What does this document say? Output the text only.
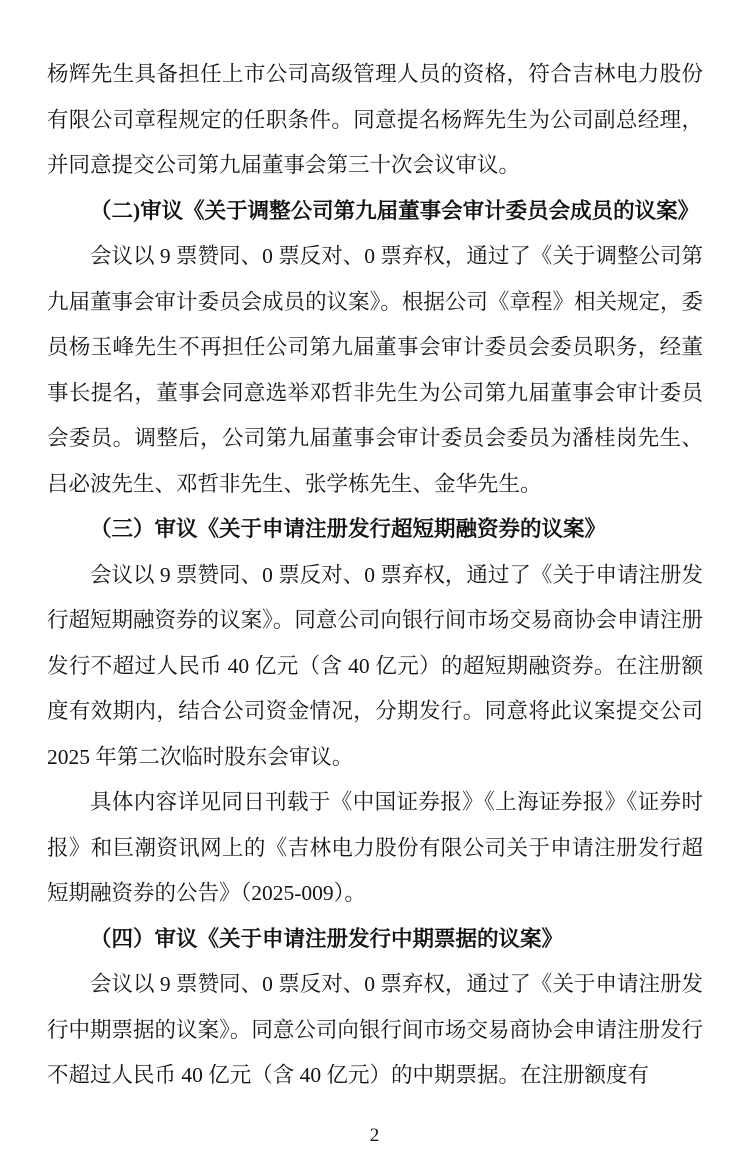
杨辉先生具备担任上市公司高级管理人员的资格，符合吉林电力股份有限公司章程规定的任职条件。同意提名杨辉先生为公司副总经理，并同意提交公司第九届董事会第三十次会议审议。

（二)审议《关于调整公司第九届董事会审计委员会成员的议案》

会议以 9 票赞同、0 票反对、0 票弃权，通过了《关于调整公司第九届董事会审计委员会成员的议案》。根据公司《章程》相关规定，委员杨玉峰先生不再担任公司第九届董事会审计委员会委员职务，经董事长提名，董事会同意选举邓哲非先生为公司第九届董事会审计委员会委员。调整后，公司第九届董事会审计委员会委员为潘桂岗先生、吕必波先生、邓哲非先生、张学栋先生、金华先生。

（三）审议《关于申请注册发行超短期融资券的议案》

会议以 9 票赞同、0 票反对、0 票弃权，通过了《关于申请注册发行超短期融资券的议案》。同意公司向银行间市场交易商协会申请注册发行不超过人民币 40 亿元（含 40 亿元）的超短期融资券。在注册额度有效期内，结合公司资金情况，分期发行。同意将此议案提交公司 2025 年第二次临时股东会审议。

具体内容详见同日刊载于《中国证券报》《上海证券报》《证券时报》和巨潮资讯网上的《吉林电力股份有限公司关于申请注册发行超短期融资券的公告》（2025-009）。

（四）审议《关于申请注册发行中期票据的议案》

会议以 9 票赞同、0 票反对、0 票弃权，通过了《关于申请注册发行中期票据的议案》。同意公司向银行间市场交易商协会申请注册发行不超过人民币 40 亿元（含 40 亿元）的中期票据。在注册额度有

2
